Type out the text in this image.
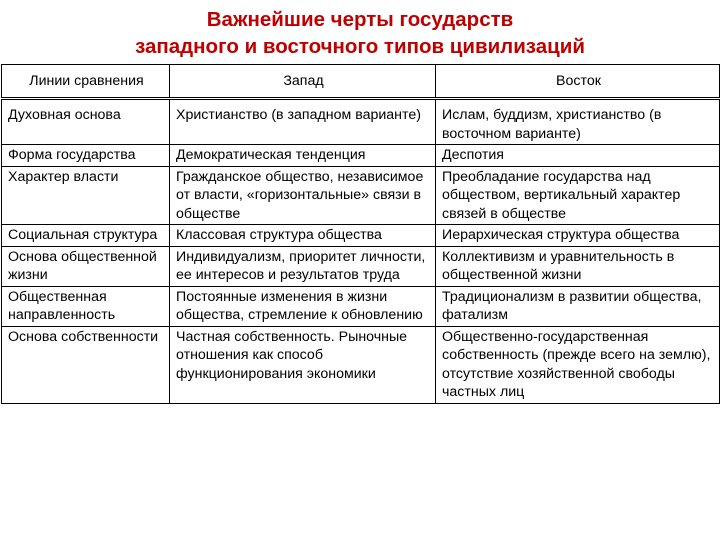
Важнейшие черты государств
западного и восточного типов цивилизаций
Линии сравнения	Запад	Восток
Духовная основа	Христианство (в западном варианте)	Ислам, буддизм, христианство (в восточном варианте)
Форма государства	Демократическая тенденция	Деспотия
Характер власти	Гражданское общество, независимое от власти, «горизонтальные» связи в обществе	Преобладание государства над обществом, вертикальный характер связей в обществе
Социальная структура	Классовая структура общества	Иерархическая структура общества
Основа общественной жизни	Индивидуализм, приоритет личности, ее интересов и результатов труда	Коллективизм и уравнительность в общественной жизни
Общественная направленность	Постоянные изменения в жизни общества, стремление к обновлению	Традиционализм в развитии общества, фатализм
Основа собственности	Частная собственность. Рыночные отношения как способ функционирования экономики	Общественно-государственная собственность (прежде всего на землю), отсутствие хозяйственной свободы частных лиц
